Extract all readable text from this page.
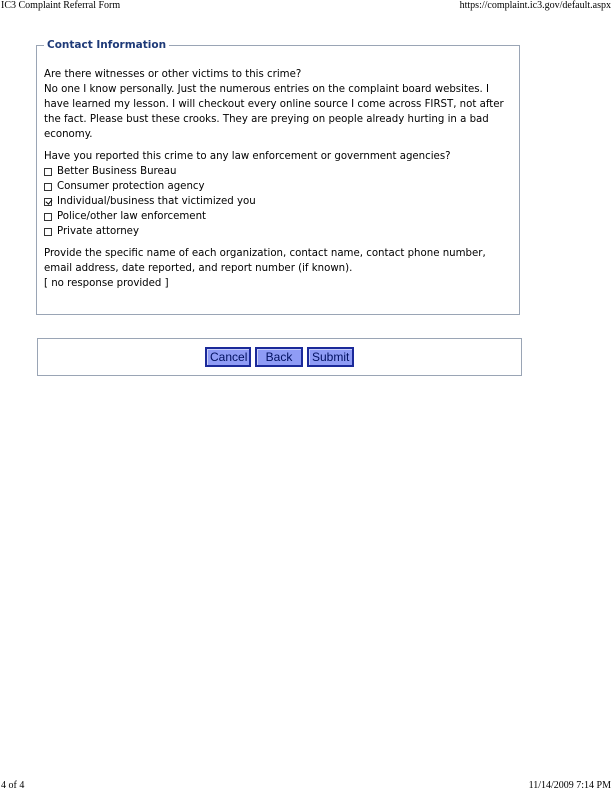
IC3 Complaint Referral Form	https://complaint.ic3.gov/default.aspx
Contact Information
Are there witnesses or other victims to this crime?
No one I know personally. Just the numerous entries on the complaint board websites. I have learned my lesson. I will checkout every online source I come across FIRST, not after the fact. Please bust these crooks. They are preying on people already hurting in a bad economy.
Have you reported this crime to any law enforcement or government agencies?
Better Business Bureau
Consumer protection agency
Individual/business that victimized you
Police/other law enforcement
Private attorney
Provide the specific name of each organization, contact name, contact phone number, email address, date reported, and report number (if known).
[ no response provided ]
Cancel	Back	Submit
4 of 4	11/14/2009 7:14 PM
